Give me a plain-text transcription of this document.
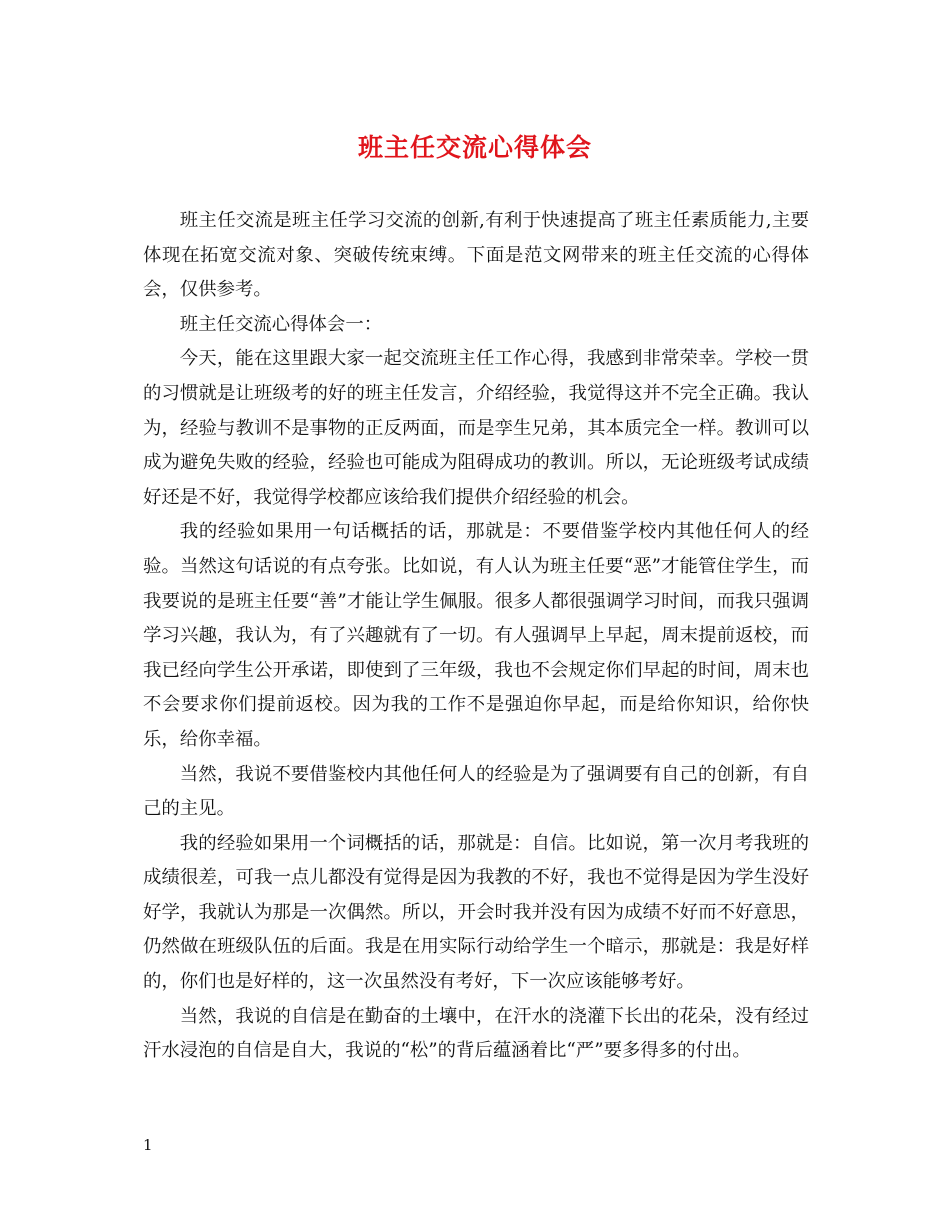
班主任交流心得体会

班主任交流是班主任学习交流的创新,有利于快速提高了班主任素质能力,主要体现在拓宽交流对象、突破传统束缚。下面是范文网带来的班主任交流的心得体会，仅供参考。

班主任交流心得体会一：

今天，能在这里跟大家一起交流班主任工作心得，我感到非常荣幸。学校一贯的习惯就是让班级考的好的班主任发言，介绍经验，我觉得这并不完全正确。我认为，经验与教训不是事物的正反两面，而是孪生兄弟，其本质完全一样。教训可以成为避免失败的经验，经验也可能成为阻碍成功的教训。所以，无论班级考试成绩好还是不好，我觉得学校都应该给我们提供介绍经验的机会。

我的经验如果用一句话概括的话，那就是：不要借鉴学校内其他任何人的经验。当然这句话说的有点夸张。比如说，有人认为班主任要“恶”才能管住学生，而我要说的是班主任要“善”才能让学生佩服。很多人都很强调学习时间，而我只强调学习兴趣，我认为，有了兴趣就有了一切。有人强调早上早起，周末提前返校，而我已经向学生公开承诺，即使到了三年级，我也不会规定你们早起的时间，周末也不会要求你们提前返校。因为我的工作不是强迫你早起，而是给你知识，给你快乐，给你幸福。

当然，我说不要借鉴校内其他任何人的经验是为了强调要有自己的创新，有自己的主见。

我的经验如果用一个词概括的话，那就是：自信。比如说，第一次月考我班的成绩很差，可我一点儿都没有觉得是因为我教的不好，我也不觉得是因为学生没好好学，我就认为那是一次偶然。所以，开会时我并没有因为成绩不好而不好意思，仍然做在班级队伍的后面。我是在用实际行动给学生一个暗示，那就是：我是好样的，你们也是好样的，这一次虽然没有考好，下一次应该能够考好。

当然，我说的自信是在勤奋的土壤中，在汗水的浇灌下长出的花朵，没有经过汗水浸泡的自信是自大，我说的“松”的背后蕴涵着比“严”要多得多的付出。

1
